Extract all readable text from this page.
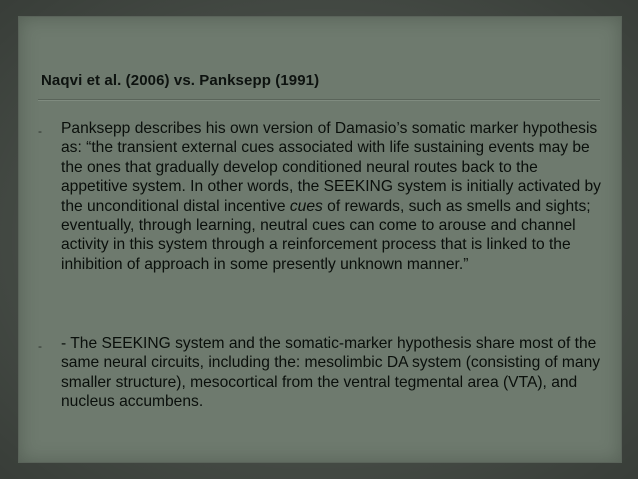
Naqvi et al. (2006) vs. Panksepp (1991)
- Panksepp describes his own version of Damasio’s somatic marker hypothesis as: “the transient external cues associated with life sustaining events may be the ones that gradually develop conditioned neural routes back to the appetitive system. In other words, the SEEKING system is initially activated by the unconditional distal incentive cues of rewards, such as smells and sights; eventually, through learning, neutral cues can come to arouse and channel activity in this system through a reinforcement process that is linked to the inhibition of approach in some presently unknown manner.”

- - The SEEKING system and the somatic-marker hypothesis share most of the same neural circuits, including the: mesolimbic DA system (consisting of many smaller structure), mesocortical from the ventral tegmental area (VTA), and nucleus accumbens.
